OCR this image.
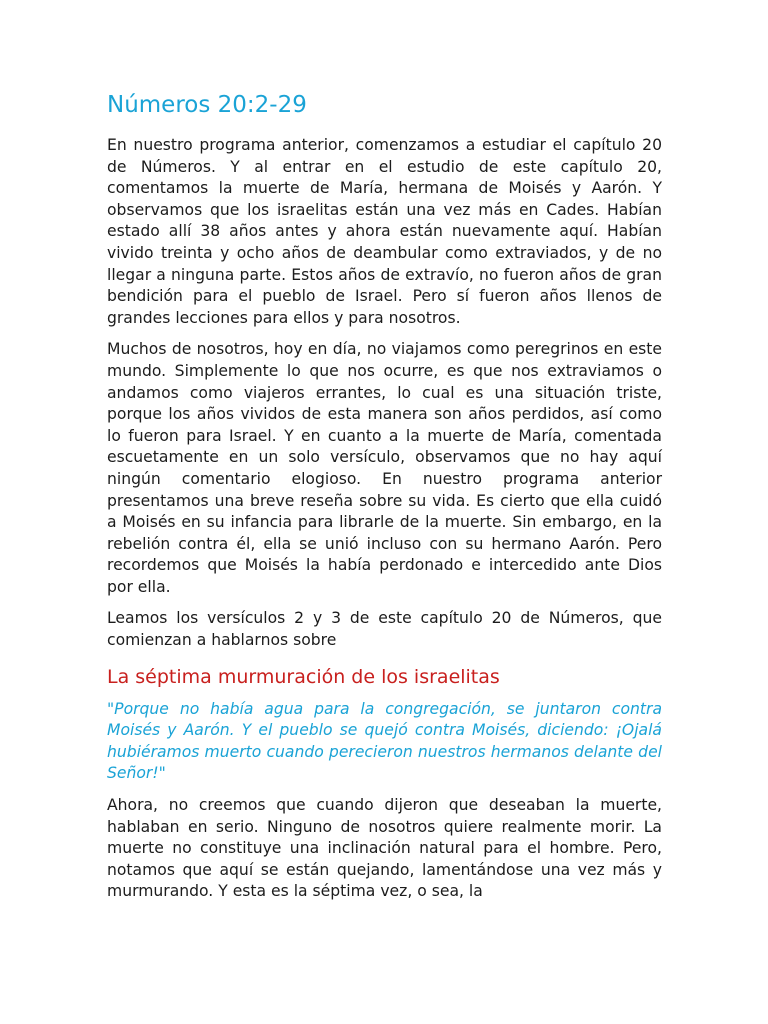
Números 20:2-29

En nuestro programa anterior, comenzamos a estudiar el capítulo 20 de Números. Y al entrar en el estudio de este capítulo 20, comentamos la muerte de María, hermana de Moisés y Aarón. Y observamos que los israelitas están una vez más en Cades. Habían estado allí 38 años antes y ahora están nuevamente aquí. Habían vivido treinta y ocho años de deambular como extraviados, y de no llegar a ninguna parte. Estos años de extravío, no fueron años de gran bendición para el pueblo de Israel. Pero sí fueron años llenos de grandes lecciones para ellos y para nosotros.

Muchos de nosotros, hoy en día, no viajamos como peregrinos en este mundo. Simplemente lo que nos ocurre, es que nos extraviamos o andamos como viajeros errantes, lo cual es una situación triste, porque los años vividos de esta manera son años perdidos, así como lo fueron para Israel. Y en cuanto a la muerte de María, comentada escuetamente en un solo versículo, observamos que no hay aquí ningún comentario elogioso. En nuestro programa anterior presentamos una breve reseña sobre su vida. Es cierto que ella cuidó a Moisés en su infancia para librarle de la muerte. Sin embargo, en la rebelión contra él, ella se unió incluso con su hermano Aarón. Pero recordemos que Moisés la había perdonado e intercedido ante Dios por ella.

Leamos los versículos 2 y 3 de este capítulo 20 de Números, que comienzan a hablarnos sobre

La séptima murmuración de los israelitas

"Porque no había agua para la congregación, se juntaron contra Moisés y Aarón. Y el pueblo se quejó contra Moisés, diciendo: ¡Ojalá hubiéramos muerto cuando perecieron nuestros hermanos delante del Señor!"

Ahora, no creemos que cuando dijeron que deseaban la muerte, hablaban en serio. Ninguno de nosotros quiere realmente morir. La muerte no constituye una inclinación natural para el hombre. Pero, notamos que aquí se están quejando, lamentándose una vez más y murmurando. Y esta es la séptima vez, o sea, la
